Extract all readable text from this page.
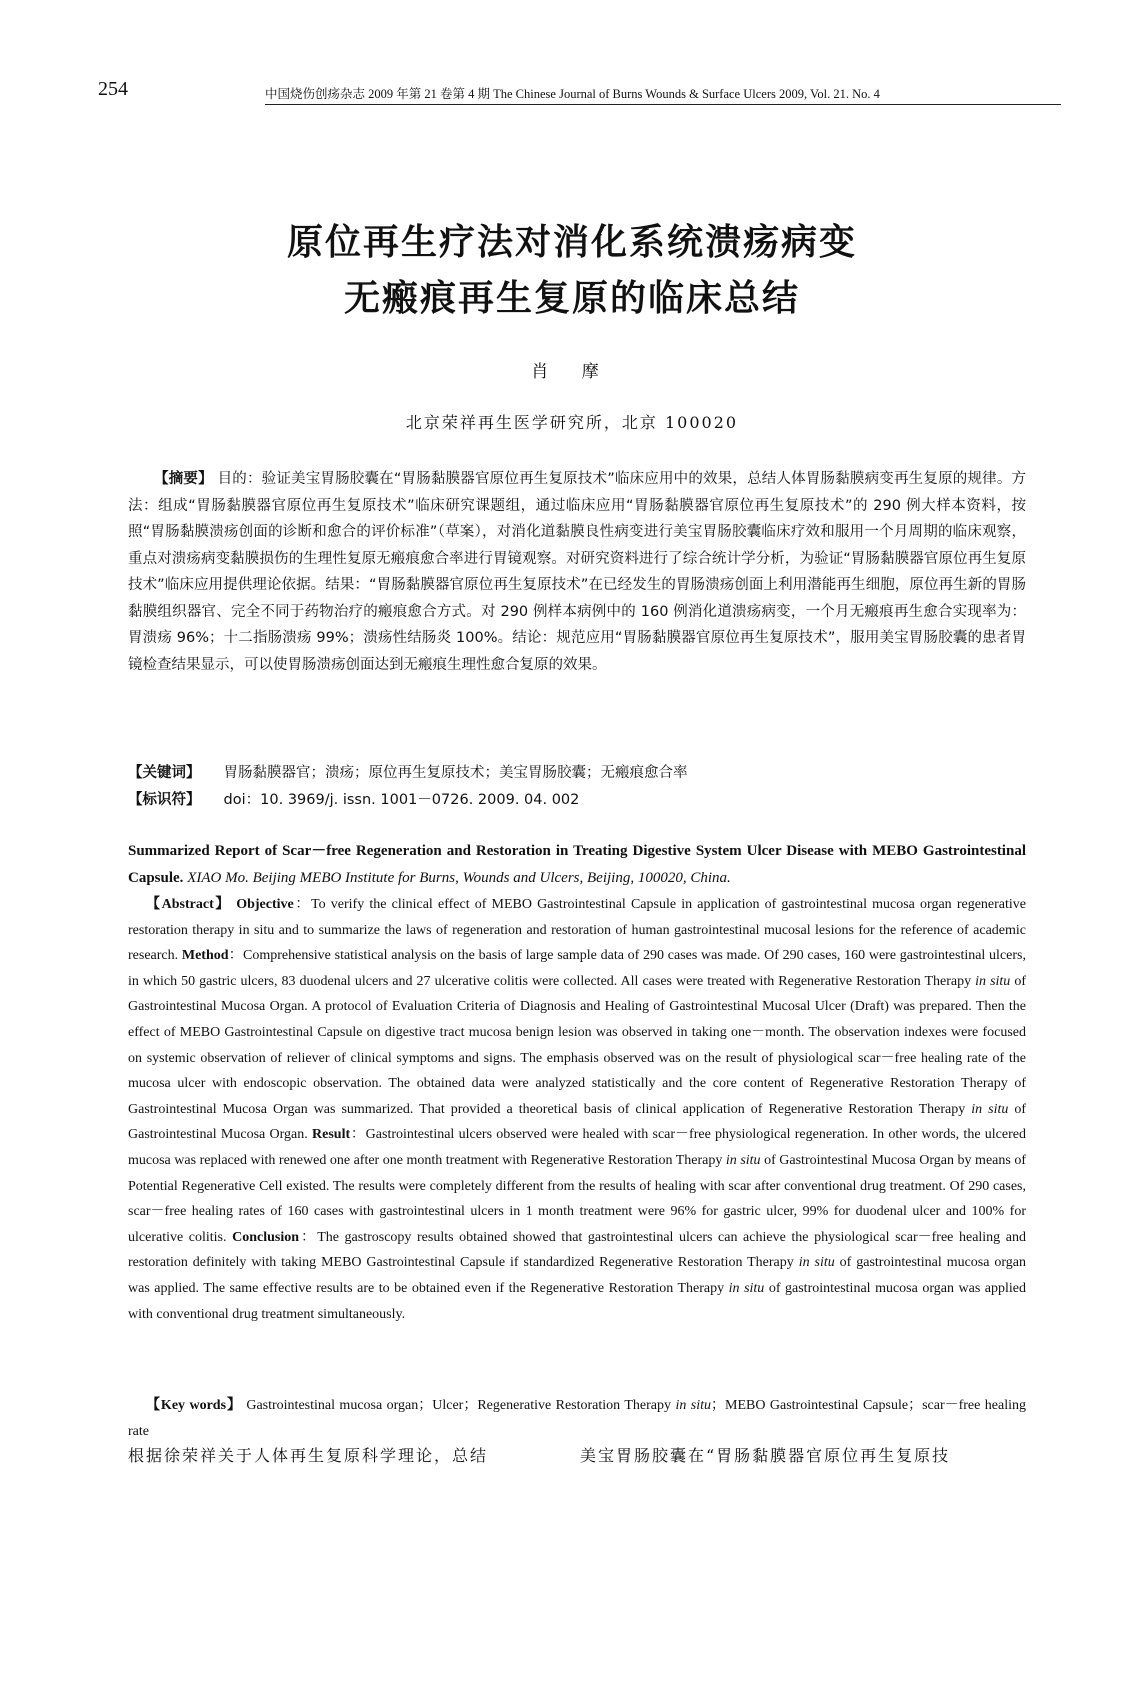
254	中国烧伤创疡杂志 2009 年第 21 卷第 4 期 The Chinese Journal of Burns Wounds & Surface Ulcers 2009, Vol. 21. No. 4
原位再生疗法对消化系统溃疡病变
无瘢痕再生复原的临床总结
肖 摩
北京荣祥再生医学研究所，北京 100020
【摘要】 目的：验证美宝胃肠胶囊在“胃肠黏膜器官原位再生复原技术”临床应用中的效果，总结人体胃肠黏膜病变再生复原的规律。方法：组成“胃肠黏膜器官原位再生复原技术”临床研究课题组，通过临床应用“胃肠黏膜器官原位再生复原技术”的 290 例大样本资料，按照“胃肠黏膜溃疡创面的诊断和愈合的评价标准”（草案），对消化道黏膜良性病变进行美宝胃肠胶囊临床疗效和服用一个月周期的临床观察，重点对溃疡病变黏膜损伤的生理性复原无瘢痕愈合率进行胃镜观察。对研究资料进行了综合统计学分析，为验证“胃肠黏膜器官原位再生复原技术”临床应用提供理论依据。结果：“胃肠黏膜器官原位再生复原技术”在已经发生的胃肠溃疡创面上利用潜能再生细胞，原位再生新的胃肠黏膜组织器官、完全不同于药物治疗的瘢痕愈合方式。对 290 例样本病例中的 160 例消化道溃疡病变，一个月无瘢痕再生愈合实现率为：胃溃疡 96%；十二指肠溃疡 99%；溃疡性结肠炎 100%。结论：规范应用“胃肠黏膜器官原位再生复原技术”，服用美宝胃肠胶囊的患者胃镜检查结果显示，可以使胃肠溃疡创面达到无瘢痕生理性愈合复原的效果。
【关键词】 胃肠黏膜器官；溃疡；原位再生复原技术；美宝胃肠胶囊；无瘢痕愈合率
【标识符】 doi：10. 3969/j. issn. 1001－0726. 2009. 04. 002
Summarized Report of Scar－free Regeneration and Restoration in Treating Digestive System Ulcer Disease with MEBO Gastrointestinal Capsule. XIAO Mo. Beijing MEBO Institute for Burns, Wounds and Ulcers, Beijing, 100020, China.
【Abstract】 Objective：To verify the clinical effect of MEBO Gastrointestinal Capsule in application of gastrointestinal mucosa organ regenerative restoration therapy in situ and to summarize the laws of regeneration and restoration of human gastrointestinal mucosal lesions for the reference of academic research. Method：Comprehensive statistical analysis on the basis of large sample data of 290 cases was made. Of 290 cases, 160 were gastrointestinal ulcers, in which 50 gastric ulcers, 83 duodenal ulcers and 27 ulcerative colitis were collected. All cases were treated with Regenerative Restoration Therapy in situ of Gastrointestinal Mucosa Organ. A protocol of Evaluation Criteria of Diagnosis and Healing of Gastrointestinal Mucosal Ulcer (Draft) was prepared. Then the effect of MEBO Gastrointestinal Capsule on digestive tract mucosa benign lesion was observed in taking one－month. The observation indexes were focused on systemic observation of reliever of clinical symptoms and signs. The emphasis observed was on the result of physiological scar－free healing rate of the mucosa ulcer with endoscopic observation. The obtained data were analyzed statistically and the core content of Regenerative Restoration Therapy of Gastrointestinal Mucosa Organ was summarized. That provided a theoretical basis of clinical application of Regenerative Restoration Therapy in situ of Gastrointestinal Mucosa Organ. Result：Gastrointestinal ulcers observed were healed with scar－free physiological regeneration. In other words, the ulcered mucosa was replaced with renewed one after one month treatment with Regenerative Restoration Therapy in situ of Gastrointestinal Mucosa Organ by means of Potential Regenerative Cell existed. The results were completely different from the results of healing with scar after conventional drug treatment. Of 290 cases, scar－free healing rates of 160 cases with gastrointestinal ulcers in 1 month treatment were 96% for gastric ulcer, 99% for duodenal ulcer and 100% for ulcerative colitis. Conclusion：The gastroscopy results obtained showed that gastrointestinal ulcers can achieve the physiological scar－free healing and restoration definitely with taking MEBO Gastrointestinal Capsule if standardized Regenerative Restoration Therapy in situ of gastrointestinal mucosa organ was applied. The same effective results are to be obtained even if the Regenerative Restoration Therapy in situ of gastrointestinal mucosa organ was applied with conventional drug treatment simultaneously.
【Key words】 Gastrointestinal mucosa organ；Ulcer；Regenerative Restoration Therapy in situ；MEBO Gastrointestinal Capsule；scar－free healing rate
根据徐荣祥关于人体再生复原科学理论，总结	美宝胃肠胶囊在“胃肠黏膜器官原位再生复原技
